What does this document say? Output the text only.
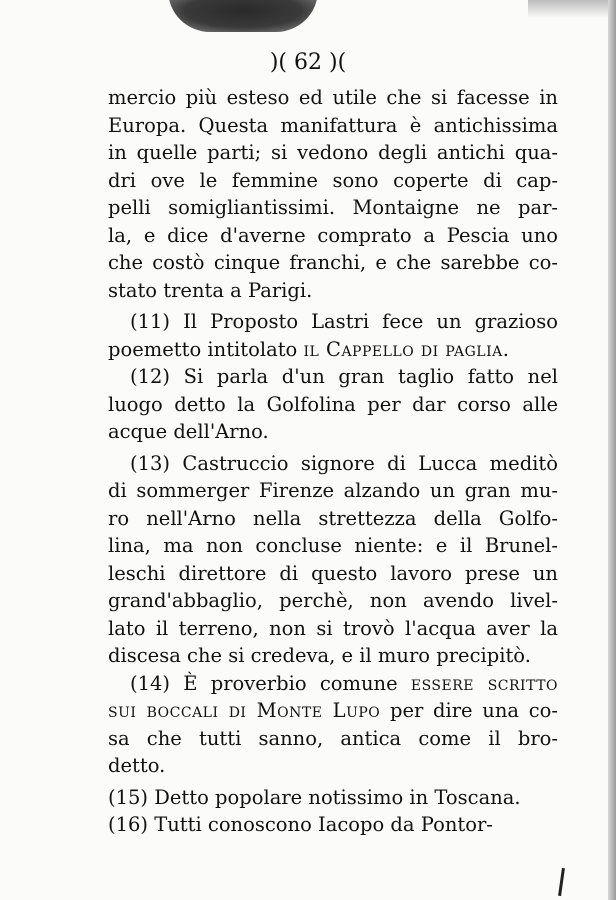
)( 62 )(
mercio più esteso ed utile che si facesse in
Europa. Questa manifattura è antichissima
in quelle parti; si vedono degli antichi qua-
dri ove le femmine sono coperte di cap-
pelli somigliantissimi. Montaigne ne par-
la, e dice d'averne comprato a Pescia uno
che costò cinque franchi, e che sarebbe co-
stato trenta a Parigi.
(11) Il Proposto Lastri fece un grazioso
poemetto intitolato il Cappello di paglia.
(12) Si parla d'un gran taglio fatto nel
luogo detto la Golfolina per dar corso alle
acque dell'Arno.
(13) Castruccio signore di Lucca meditò
di sommerger Firenze alzando un gran mu-
ro nell'Arno nella strettezza della Golfo-
lina, ma non concluse niente: e il Brunel-
leschi direttore di questo lavoro prese un
grand'abbaglio, perchè, non avendo livel-
lato il terreno, non si trovò l'acqua aver la
discesa che si credeva, e il muro precipitò.
(14) È proverbio comune essere scritto
sui boccali di Monte Lupo per dire una co-
sa che tutti sanno, antica come il bro-
detto.
(15) Detto popolare notissimo in Toscana.
(16) Tutti conoscono Iacopo da Pontor-
